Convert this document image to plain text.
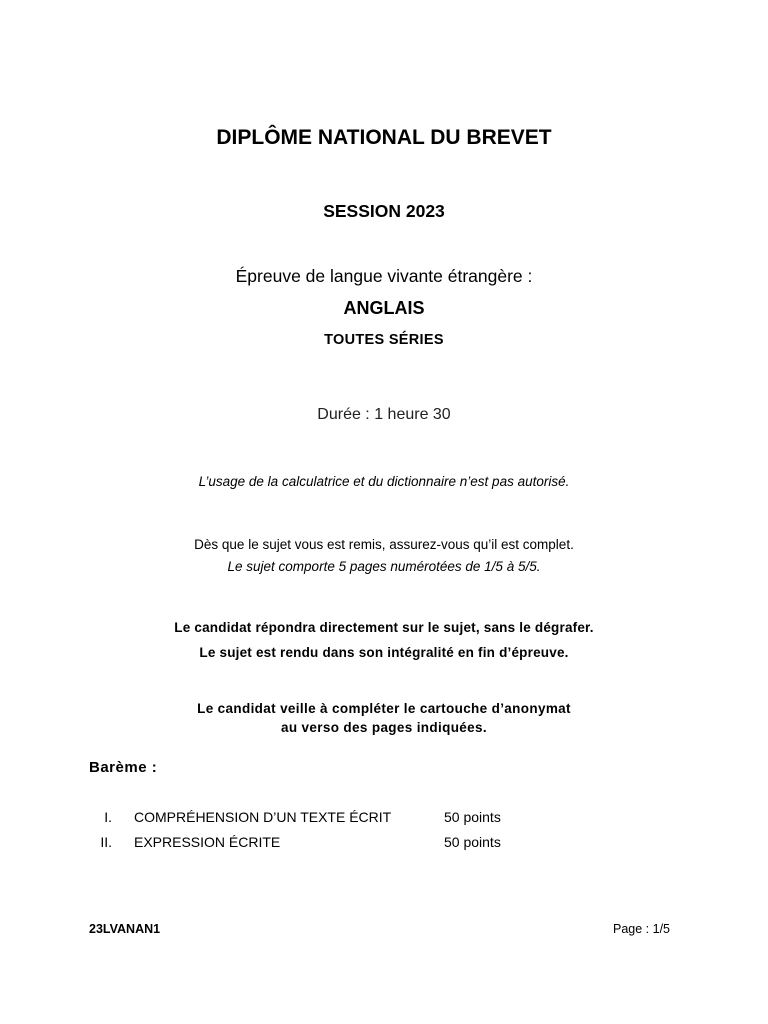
DIPLÔME NATIONAL DU BREVET
SESSION 2023
Épreuve de langue vivante étrangère :
ANGLAIS
TOUTES SÉRIES
Durée : 1 heure 30
L’usage de la calculatrice et du dictionnaire n’est pas autorisé.
Dès que le sujet vous est remis, assurez-vous qu’il est complet.
Le sujet comporte 5 pages numérotées de 1/5 à 5/5.
Le candidat répondra directement sur le sujet, sans le dégrafer.
Le sujet est rendu dans son intégralité en fin d’épreuve.
Le candidat veille à compléter le cartouche d’anonymat
au verso des pages indiquées.
Barème :
I. COMPRÉHENSION D’UN TEXTE ÉCRIT	50 points
II. EXPRESSION ÉCRITE	50 points
23LVANAN1	Page : 1/5
